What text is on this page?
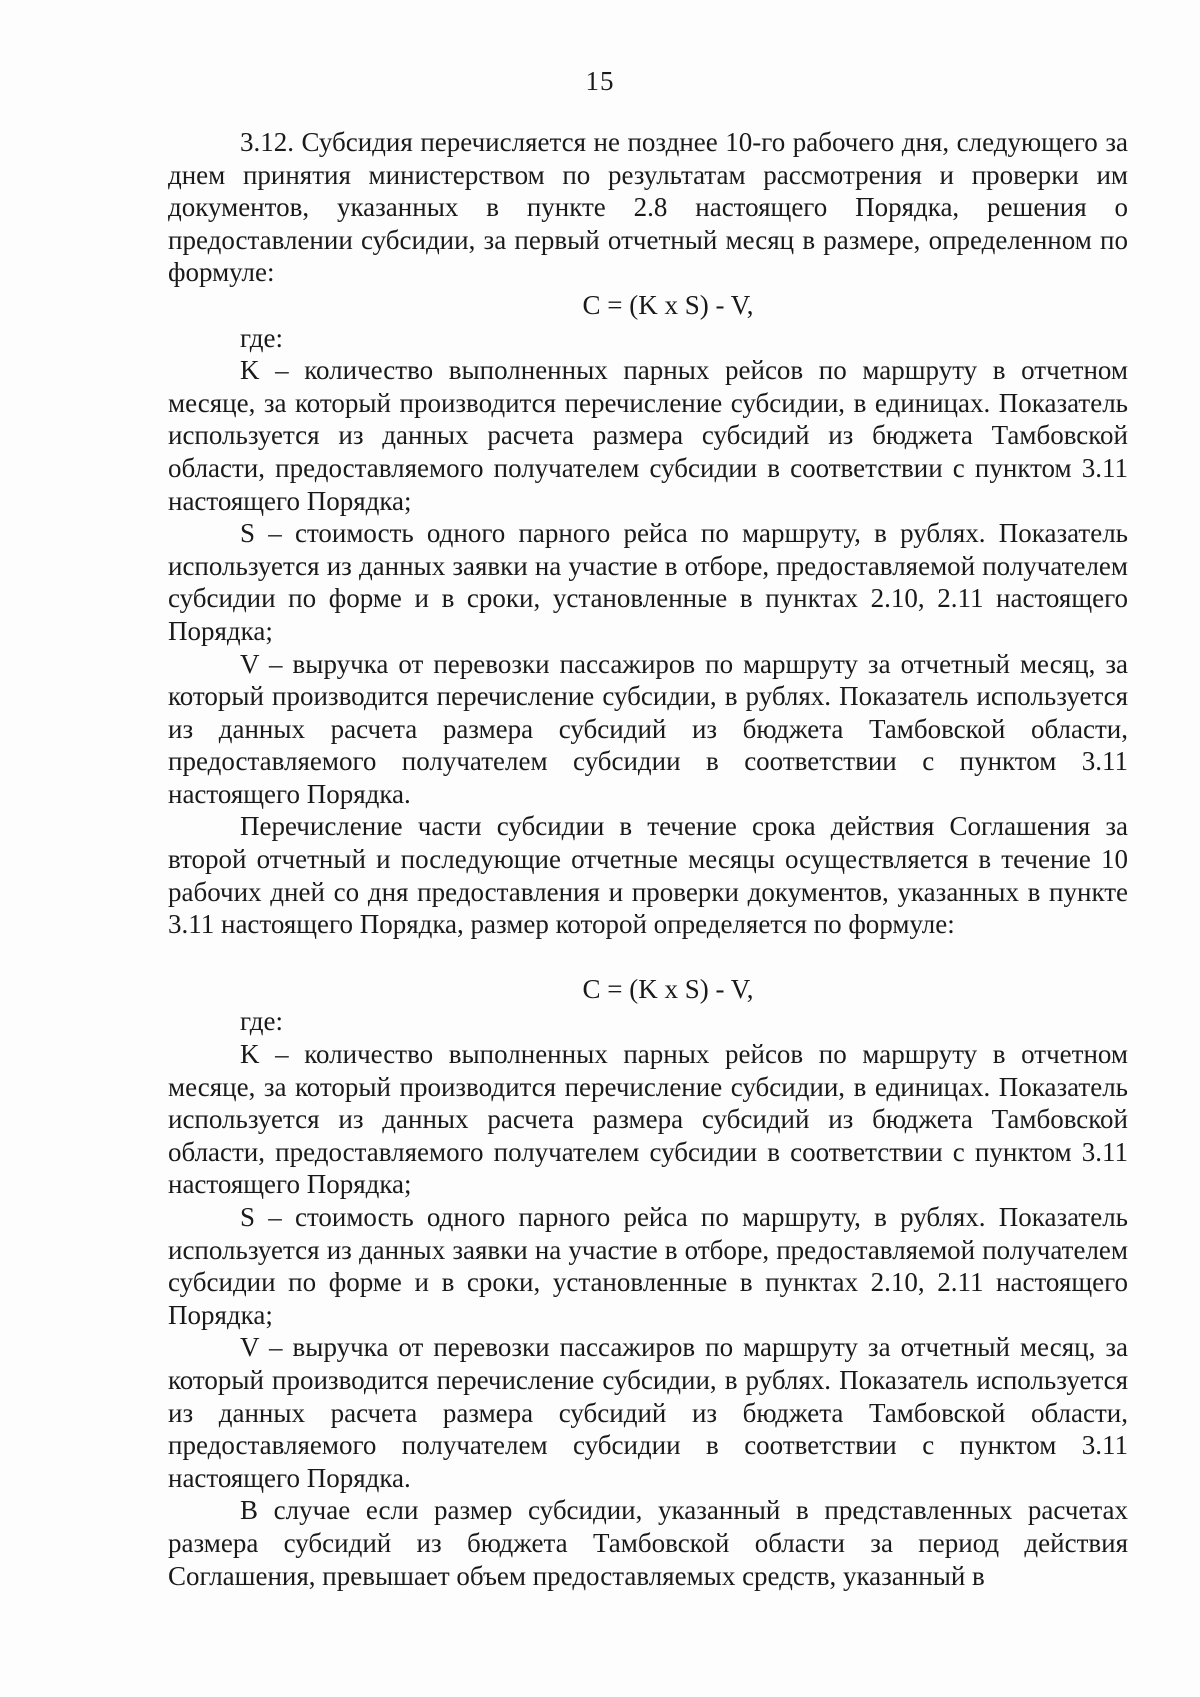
15

3.12. Субсидия перечисляется не позднее 10-го рабочего дня, следующего за днем принятия министерством по результатам рассмотрения и проверки им документов, указанных в пункте 2.8 настоящего Порядка, решения о предоставлении субсидии, за первый отчетный месяц в размере, определенном по формуле:

C = (K x S) - V,

где:

K – количество выполненных парных рейсов по маршруту в отчетном месяце, за который производится перечисление субсидии, в единицах. Показатель используется из данных расчета размера субсидий из бюджета Тамбовской области, предоставляемого получателем субсидии в соответствии с пунктом 3.11 настоящего Порядка;

S – стоимость одного парного рейса по маршруту, в рублях. Показатель используется из данных заявки на участие в отборе, предоставляемой получателем субсидии по форме и в сроки, установленные в пунктах 2.10, 2.11 настоящего Порядка;

V – выручка от перевозки пассажиров по маршруту за отчетный месяц, за который производится перечисление субсидии, в рублях. Показатель используется из данных расчета размера субсидий из бюджета Тамбовской области, предоставляемого получателем субсидии в соответствии с пунктом 3.11 настоящего Порядка.

Перечисление части субсидии в течение срока действия Соглашения за второй отчетный и последующие отчетные месяцы осуществляется в течение 10 рабочих дней со дня предоставления и проверки документов, указанных в пункте 3.11 настоящего Порядка, размер которой определяется по формуле:

C = (K x S) - V,

где:

K – количество выполненных парных рейсов по маршруту в отчетном месяце, за который производится перечисление субсидии, в единицах. Показатель используется из данных расчета размера субсидий из бюджета Тамбовской области, предоставляемого получателем субсидии в соответствии с пунктом 3.11 настоящего Порядка;

S – стоимость одного парного рейса по маршруту, в рублях. Показатель используется из данных заявки на участие в отборе, предоставляемой получателем субсидии по форме и в сроки, установленные в пунктах 2.10, 2.11 настоящего Порядка;

V – выручка от перевозки пассажиров по маршруту за отчетный месяц, за который производится перечисление субсидии, в рублях. Показатель используется из данных расчета размера субсидий из бюджета Тамбовской области, предоставляемого получателем субсидии в соответствии с пунктом 3.11 настоящего Порядка.

В случае если размер субсидии, указанный в представленных расчетах размера субсидий из бюджета Тамбовской области за период действия Соглашения, превышает объем предоставляемых средств, указанный в
